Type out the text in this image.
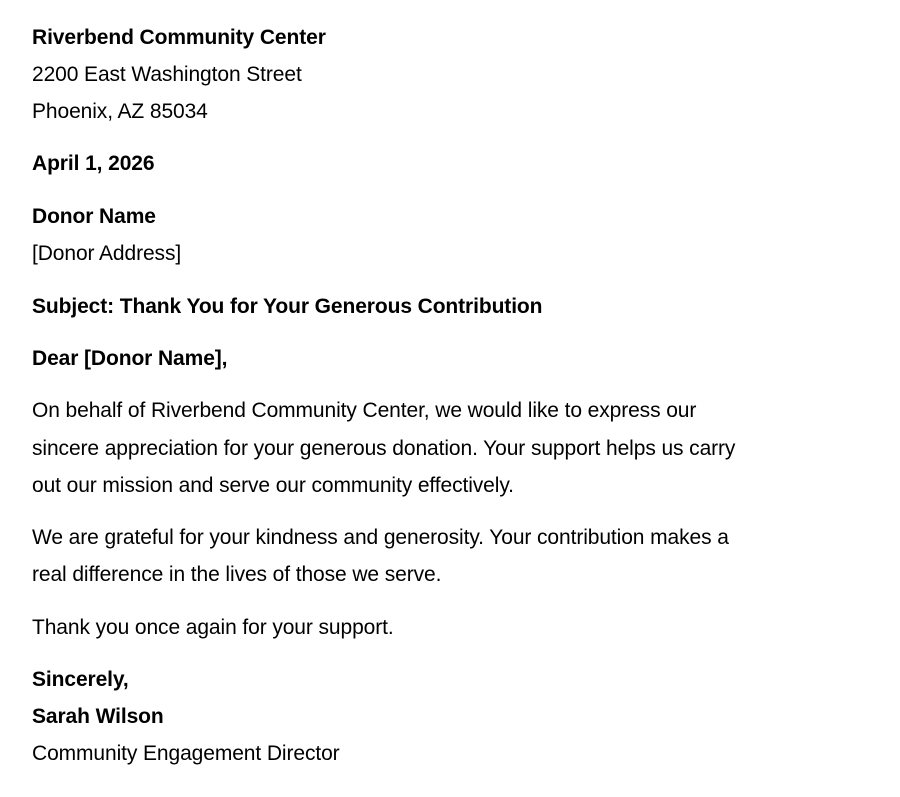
Riverbend Community Center
2200 East Washington Street
Phoenix, AZ 85034
April 1, 2026
Donor Name
[Donor Address]
Subject: Thank You for Your Generous Contribution
Dear [Donor Name],
On behalf of Riverbend Community Center, we would like to express our
sincere appreciation for your generous donation. Your support helps us carry
out our mission and serve our community effectively.
We are grateful for your kindness and generosity. Your contribution makes a
real difference in the lives of those we serve.
Thank you once again for your support.
Sincerely,
Sarah Wilson
Community Engagement Director
